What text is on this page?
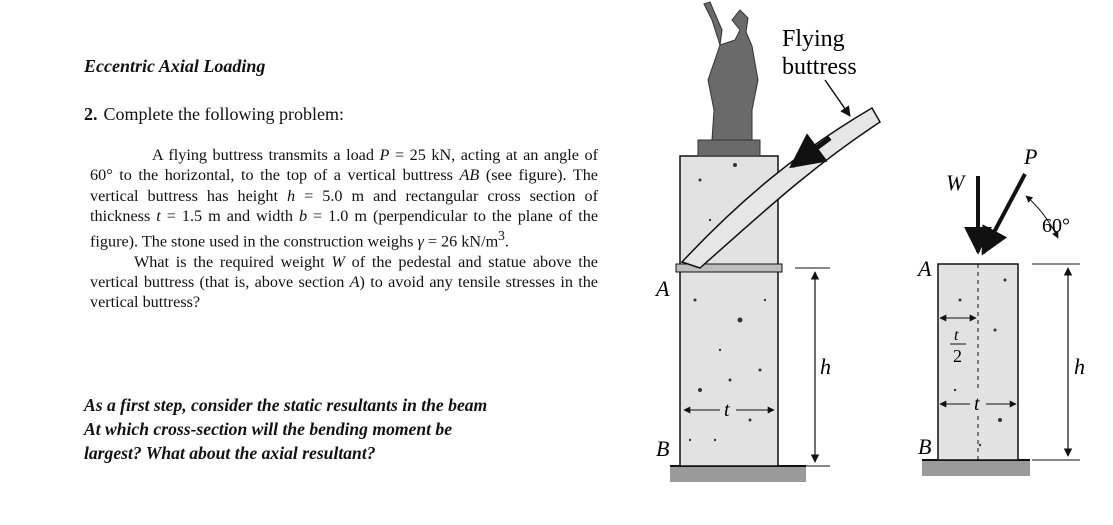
Eccentric Axial Loading
2. Complete the following problem:

A flying buttress transmits a load P = 25 kN, acting at an angle of 60° to the horizontal, to the top of a vertical buttress AB (see figure). The vertical buttress has height h = 5.0 m and rectangular cross section of thickness t = 1.5 m and width b = 1.0 m (perpendicular to the plane of the figure). The stone used in the construction weighs γ = 26 $kN/m^3$.

What is the required weight W of the pedestal and statue above the vertical buttress (that is, above section A) to avoid any tensile stresses in the vertical buttress?

As a first step, consider the static resultants in the beam
At which cross-section will the bending moment be
largest? What about the axial resultant?
Flying
buttress
A
B
h
t
A
B
W
P
60°
t
2
t
h
